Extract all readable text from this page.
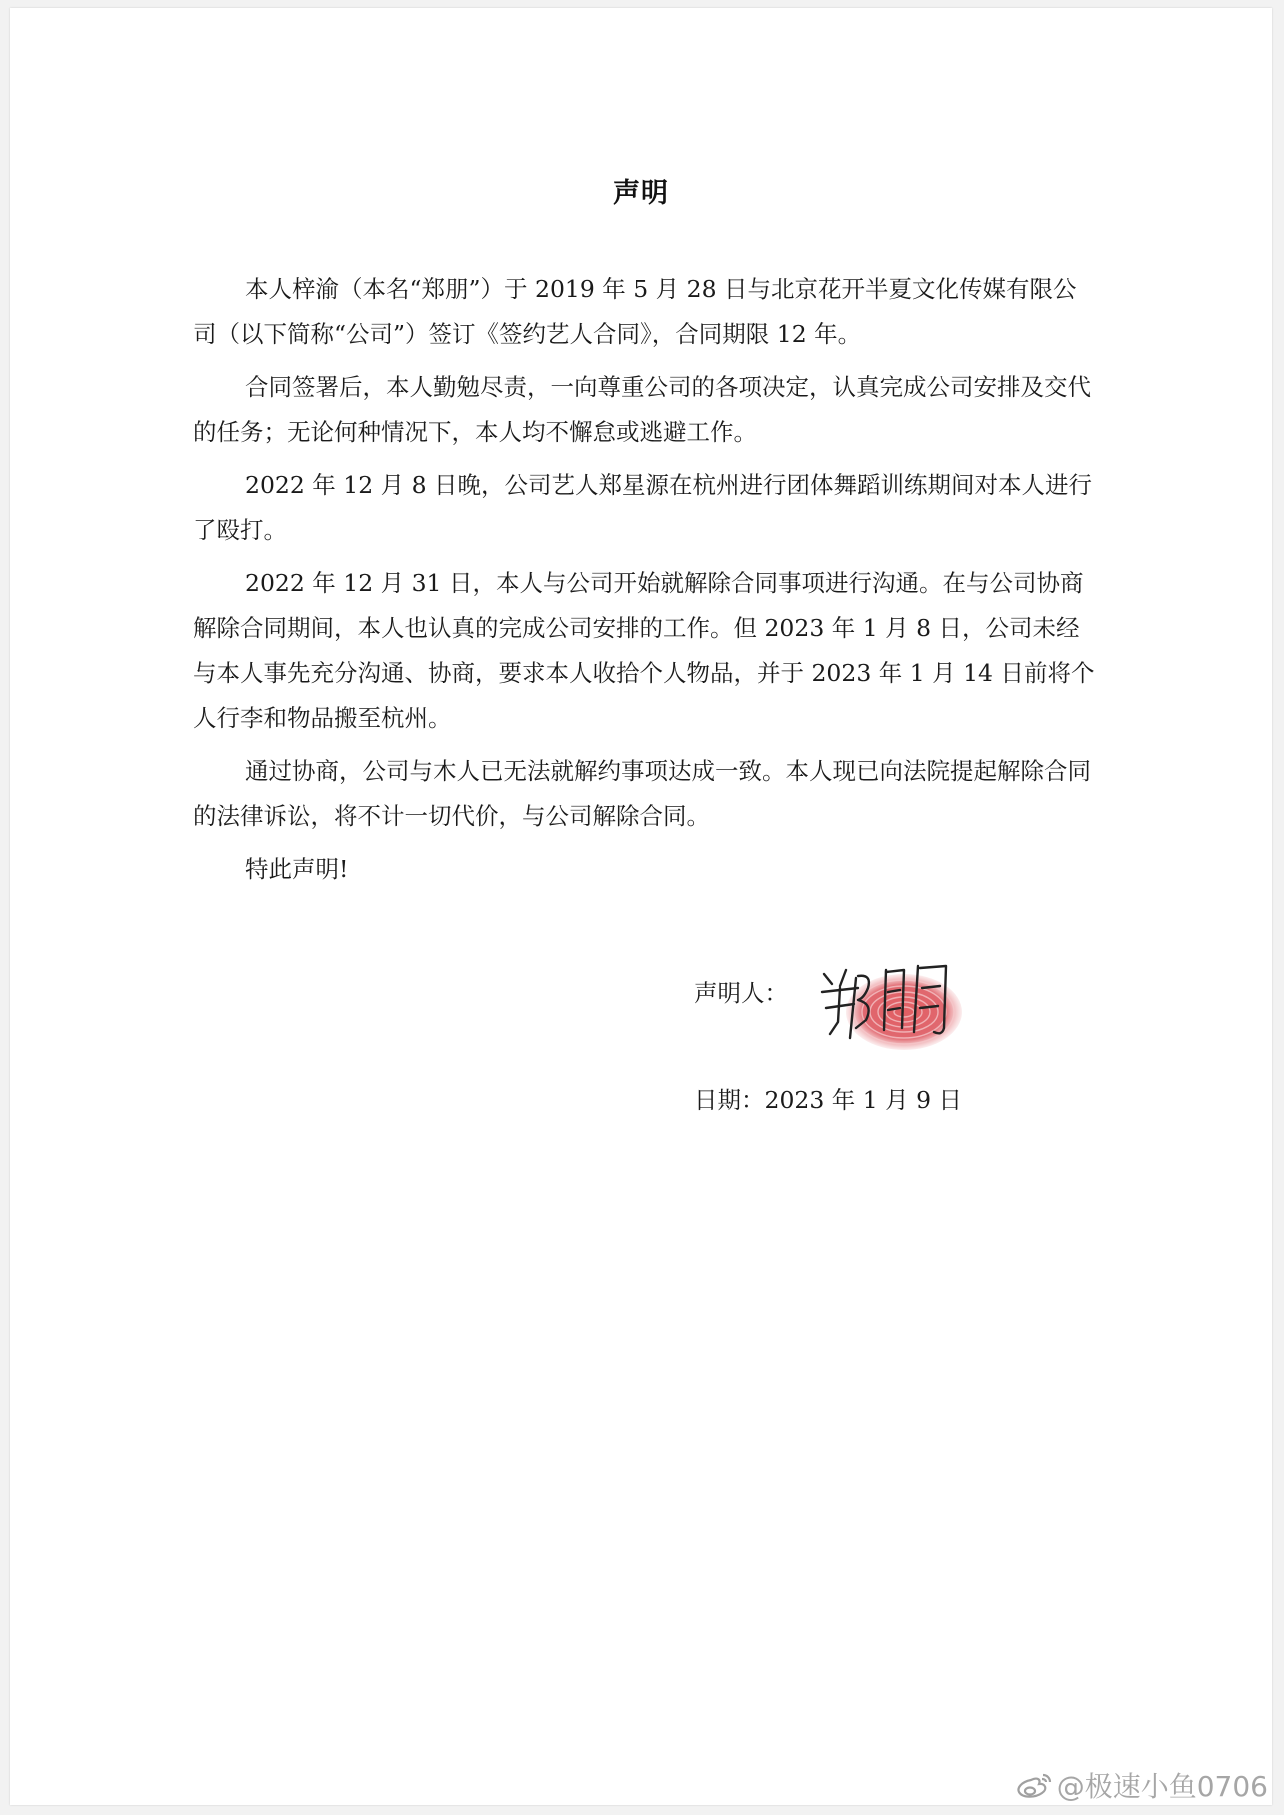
声明

本人梓渝（本名“郑朋”）于 2019 年 5 月 28 日与北京花开半夏文化传媒有限公司（以下简称“公司”）签订《签约艺人合同》，合同期限 12 年。

合同签署后，本人勤勉尽责，一向尊重公司的各项决定，认真完成公司安排及交代的任务；无论何种情况下，本人均不懈怠或逃避工作。

2022 年 12 月 8 日晚，公司艺人郑星源在杭州进行团体舞蹈训练期间对本人进行了殴打。

2022 年 12 月 31 日，本人与公司开始就解除合同事项进行沟通。在与公司协商解除合同期间，本人也认真的完成公司安排的工作。但 2023 年 1 月 8 日，公司未经与本人事先充分沟通、协商，要求本人收拾个人物品，并于 2023 年 1 月 14 日前将个人行李和物品搬至杭州。

通过协商，公司与木人已无法就解约事项达成一致。本人现已向法院提起解除合同的法律诉讼，将不计一切代价，与公司解除合同。

特此声明!

声明人：
日期：2023 年 1 月 9 日
@极速小鱼0706
